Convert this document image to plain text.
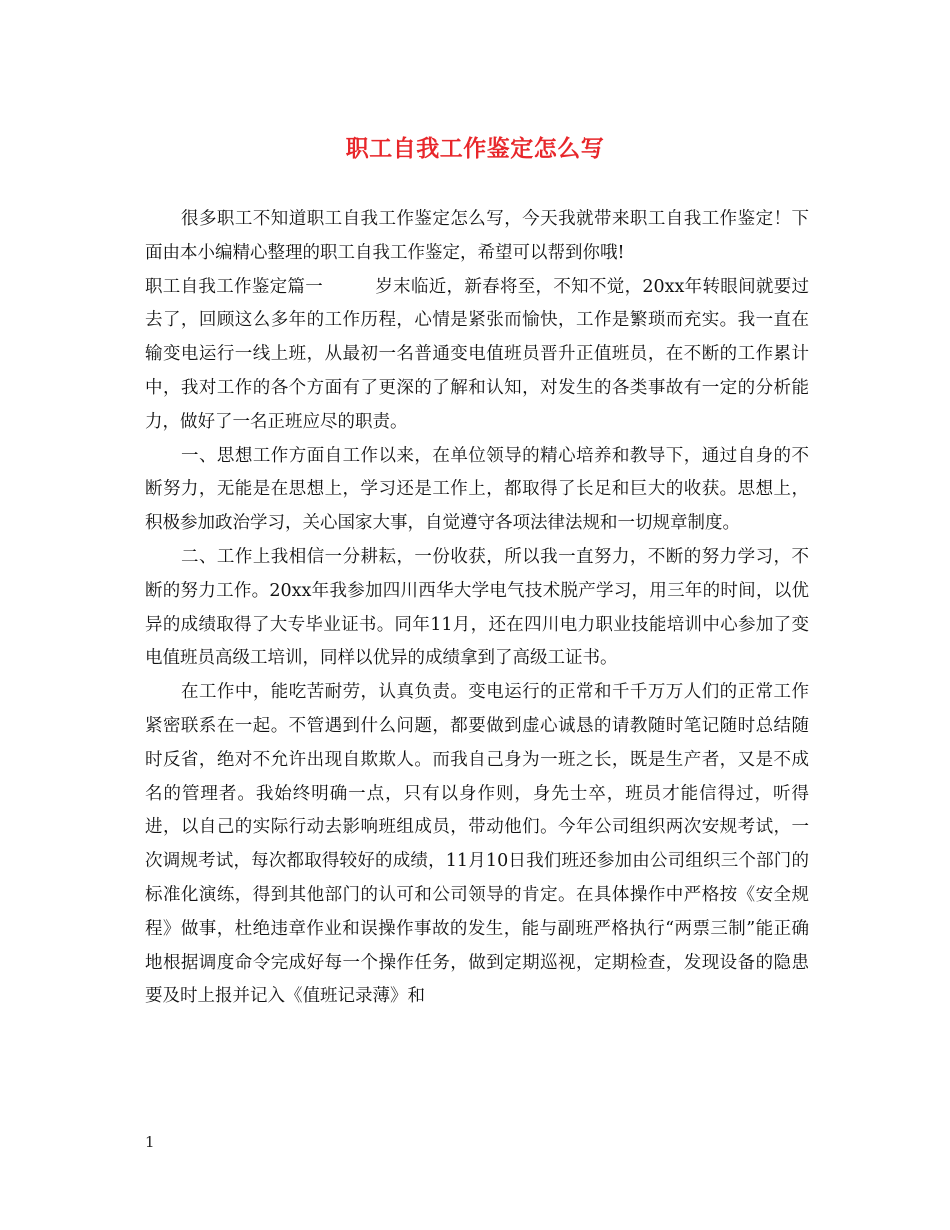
职工自我工作鉴定怎么写

很多职工不知道职工自我工作鉴定怎么写，今天我就带来职工自我工作鉴定！下面由本小编精心整理的职工自我工作鉴定，希望可以帮到你哦!

职工自我工作鉴定篇一	岁末临近，新春将至，不知不觉，20xx年转眼间就要过去了，回顾这么多年的工作历程，心情是紧张而愉快，工作是繁琐而充实。我一直在输变电运行一线上班，从最初一名普通变电值班员晋升正值班员，在不断的工作累计中，我对工作的各个方面有了更深的了解和认知，对发生的各类事故有一定的分析能力，做好了一名正班应尽的职责。

一、思想工作方面自工作以来，在单位领导的精心培养和教导下，通过自身的不断努力，无能是在思想上，学习还是工作上，都取得了长足和巨大的收获。思想上，积极参加政治学习，关心国家大事，自觉遵守各项法律法规和一切规章制度。

二、工作上我相信一分耕耘，一份收获，所以我一直努力，不断的努力学习，不断的努力工作。20xx年我参加四川西华大学电气技术脱产学习，用三年的时间，以优异的成绩取得了大专毕业证书。同年11月，还在四川电力职业技能培训中心参加了变电值班员高级工培训，同样以优异的成绩拿到了高级工证书。

在工作中，能吃苦耐劳，认真负责。变电运行的正常和千千万万人们的正常工作紧密联系在一起。不管遇到什么问题，都要做到虚心诚恳的请教随时笔记随时总结随时反省，绝对不允许出现自欺欺人。而我自己身为一班之长，既是生产者，又是不成名的管理者。我始终明确一点，只有以身作则，身先士卒，班员才能信得过，听得进，以自己的实际行动去影响班组成员，带动他们。今年公司组织两次安规考试，一次调规考试，每次都取得较好的成绩，11月10日我们班还参加由公司组织三个部门的标准化演练，得到其他部门的认可和公司领导的肯定。在具体操作中严格按《安全规程》做事，杜绝违章作业和误操作事故的发生，能与副班严格执行“两票三制”能正确地根据调度命令完成好每一个操作任务，做到定期巡视，定期检查，发现设备的隐患要及时上报并记入《值班记录薄》和

1
